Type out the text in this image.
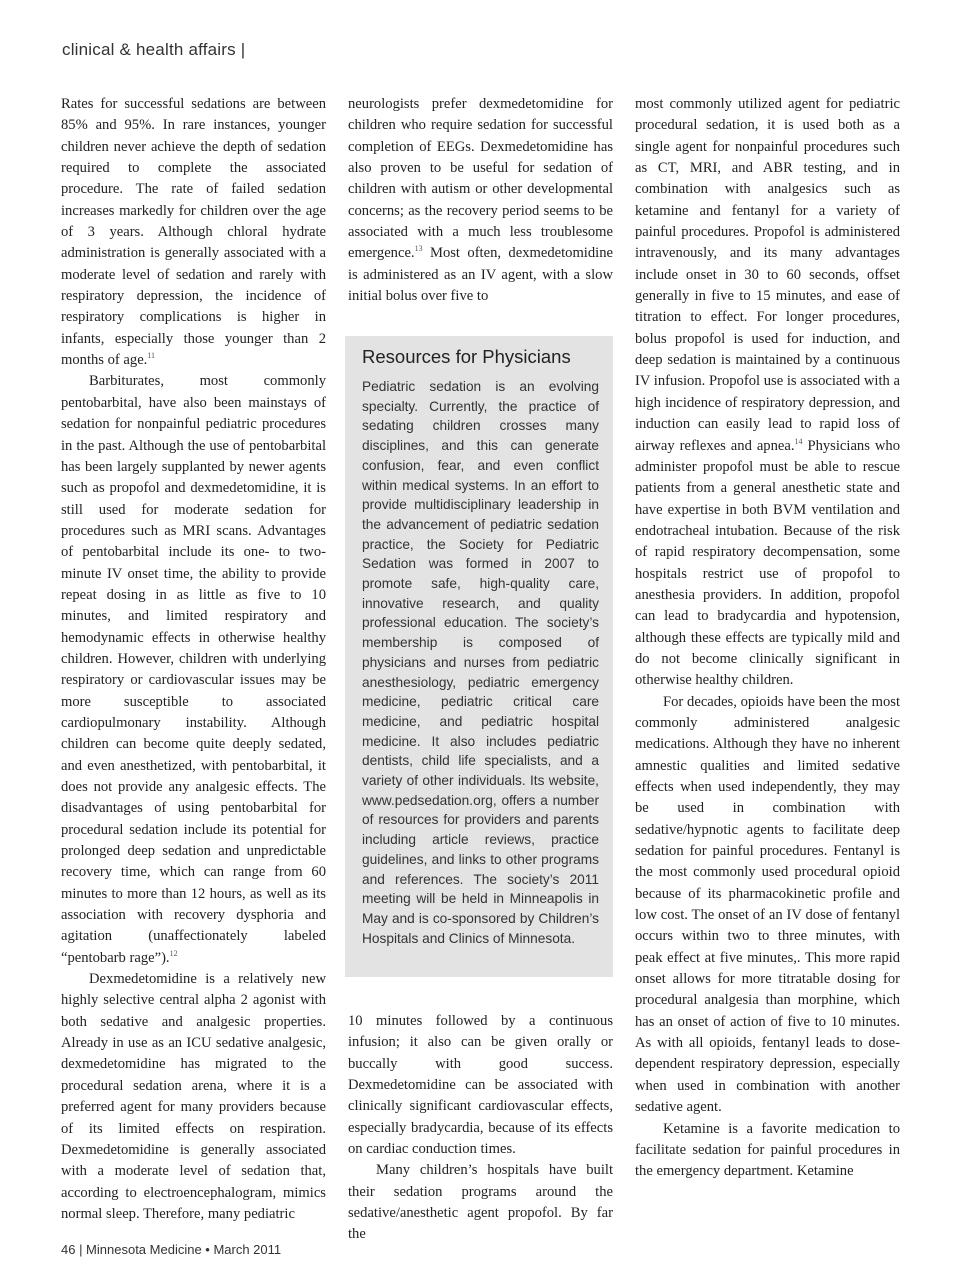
clinical & health affairs |

Rates for successful sedations are between 85% and 95%. In rare instances, younger children never achieve the depth of sedation required to complete the associated procedure. The rate of failed sedation increases markedly for children over the age of 3 years. Although chloral hydrate administration is generally associated with a moderate level of sedation and rarely with respiratory depression, the incidence of respiratory complications is higher in infants, especially those younger than 2 months of age.$^{11}$

Barbiturates, most commonly pentobarbital, have also been mainstays of sedation for nonpainful pediatric procedures in the past. Although the use of pentobarbital has been largely supplanted by newer agents such as propofol and dexmedetomidine, it is still used for moderate sedation for procedures such as MRI scans. Advantages of pentobarbital include its one- to two-minute IV onset time, the ability to provide repeat dosing in as little as five to 10 minutes, and limited respiratory and hemodynamic effects in otherwise healthy children. However, children with underlying respiratory or cardiovascular issues may be more susceptible to associated cardiopulmonary instability. Although children can become quite deeply sedated, and even anesthetized, with pentobarbital, it does not provide any analgesic effects. The disadvantages of using pentobarbital for procedural sedation include its potential for prolonged deep sedation and unpredictable recovery time, which can range from 60 minutes to more than 12 hours, as well as its association with recovery dysphoria and agitation (unaffectionately labeled “pentobarb rage”).$^{12}$

Dexmedetomidine is a relatively new highly selective central alpha 2 agonist with both sedative and analgesic properties. Already in use as an ICU sedative analgesic, dexmedetomidine has migrated to the procedural sedation arena, where it is a preferred agent for many providers because of its limited effects on respiration. Dexmedetomidine is generally associated with a moderate level of sedation that, according to electroencephalogram, mimics normal sleep. Therefore, many pediatric

neurologists prefer dexmedetomidine for children who require sedation for successful completion of EEGs. Dexmedetomidine has also proven to be useful for sedation of children with autism or other developmental concerns; as the recovery period seems to be associated with a much less troublesome emergence.$^{13}$ Most often, dexmedetomidine is administered as an IV agent, with a slow initial bolus over five to

Resources for Physicians

Pediatric sedation is an evolving specialty. Currently, the practice of sedating children crosses many disciplines, and this can generate confusion, fear, and even conflict within medical systems. In an effort to provide multidisciplinary leadership in the advancement of pediatric sedation practice, the Society for Pediatric Sedation was formed in 2007 to promote safe, high-quality care, innovative research, and quality professional education. The society’s membership is composed of physicians and nurses from pediatric anesthesiology, pediatric emergency medicine, pediatric critical care medicine, and pediatric hospital medicine. It also includes pediatric dentists, child life specialists, and a variety of other individuals. Its website, www.pedsedation.org, offers a number of resources for providers and parents including article reviews, practice guidelines, and links to other programs and references. The society’s 2011 meeting will be held in Minneapolis in May and is co-sponsored by Children’s Hospitals and Clinics of Minnesota.

10 minutes followed by a continuous infusion; it also can be given orally or buccally with good success. Dexmedetomidine can be associated with clinically significant cardiovascular effects, especially bradycardia, because of its effects on cardiac conduction times.

Many children’s hospitals have built their sedation programs around the sedative/anesthetic agent propofol. By far the

most commonly utilized agent for pediatric procedural sedation, it is used both as a single agent for nonpainful procedures such as CT, MRI, and ABR testing, and in combination with analgesics such as ketamine and fentanyl for a variety of painful procedures. Propofol is administered intravenously, and its many advantages include onset in 30 to 60 seconds, offset generally in five to 15 minutes, and ease of titration to effect. For longer procedures, bolus propofol is used for induction, and deep sedation is maintained by a continuous IV infusion. Propofol use is associated with a high incidence of respiratory depression, and induction can easily lead to rapid loss of airway reflexes and apnea.$^{14}$ Physicians who administer propofol must be able to rescue patients from a general anesthetic state and have expertise in both BVM ventilation and endotracheal intubation. Because of the risk of rapid respiratory decompensation, some hospitals restrict use of propofol to anesthesia providers. In addition, propofol can lead to bradycardia and hypotension, although these effects are typically mild and do not become clinically significant in otherwise healthy children.

For decades, opioids have been the most commonly administered analgesic medications. Although they have no inherent amnestic qualities and limited sedative effects when used independently, they may be used in combination with sedative/hypnotic agents to facilitate deep sedation for painful procedures. Fentanyl is the most commonly used procedural opioid because of its pharmacokinetic profile and low cost. The onset of an IV dose of fentanyl occurs within two to three minutes, with peak effect at five minutes,. This more rapid onset allows for more titratable dosing for procedural analgesia than morphine, which has an onset of action of five to 10 minutes. As with all opioids, fentanyl leads to dose-dependent respiratory depression, especially when used in combination with another sedative agent.

Ketamine is a favorite medication to facilitate sedation for painful procedures in the emergency department. Ketamine

46 | Minnesota Medicine • March 2011
